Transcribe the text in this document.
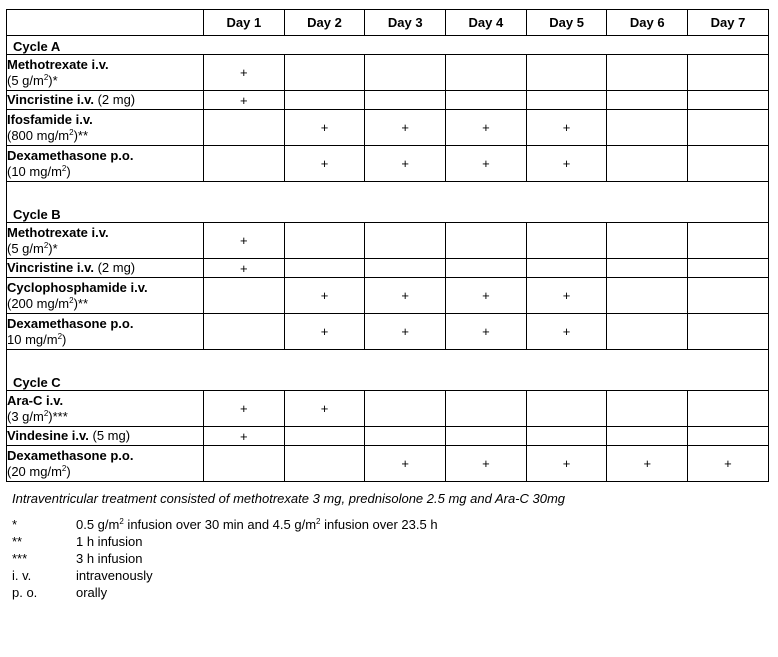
	Day 1	Day 2	Day 3	Day 4	Day 5	Day 6	Day 7
Cycle A							
Methotrexate i.v.
(5 $g/m^2)*$	+						
Vincristine i.v. (2 mg)	+						
Ifosfamide i.v.
(800 $mg/m^2)**$		+	+	+	+		
Dexamethasone p.o.
(10 $mg/m^2$)		+	+	+	+		
Cycle B							
Methotrexate i.v.
(5 $g/m^2)*$	+						
Vincristine i.v. (2 mg)	+						
Cyclophosphamide i.v.
(200 $mg/m^2)**$		+	+	+	+		
Dexamethasone p.o.
10 $mg/m^2$)		+	+	+	+		
Cycle C							
Ara-C i.v.
(3 $g/m^2)***$	+	+					
Vindesine i.v. (5 mg)	+						
Dexamethasone p.o.
(20 $mg/m^2$)			+	+	+	+	+
Intraventricular treatment consisted of methotrexate 3 mg, prednisolone 2.5 mg and Ara-C 30mg
*	0.5 $g/m^2$ infusion over 30 min and 4.5 $g/m^2$ infusion over 23.5 h
**	1 h infusion
***	3 h infusion
i. v.	intravenously
p. o.	orally
